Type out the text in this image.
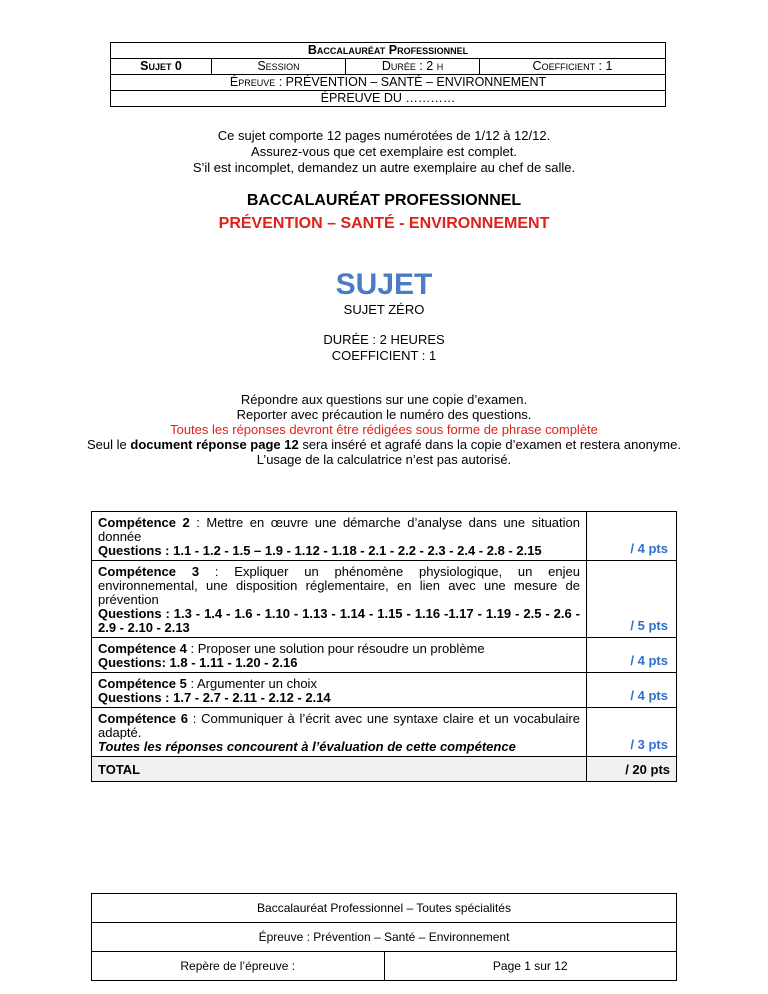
Baccalauréat Professionnel
Sujet 0	Session	Durée : 2 h	Coefficient : 1
Épreuve : PRÉVENTION – SANTÉ – ENVIRONNEMENT
ÉPREUVE DU …………
Ce sujet comporte 12 pages numérotées de 1/12 à 12/12.
Assurez-vous que cet exemplaire est complet.
S’il est incomplet, demandez un autre exemplaire au chef de salle.
BACCALAURÉAT PROFESSIONNEL
PRÉVENTION – SANTÉ - ENVIRONNEMENT
SUJET
SUJET ZÉRO
DURÉE : 2 HEURES
COEFFICIENT : 1
Répondre aux questions sur une copie d’examen.
Reporter avec précaution le numéro des questions.
Toutes les réponses devront être rédigées sous forme de phrase complète
Seul le document réponse page 12 sera inséré et agrafé dans la copie d’examen et restera anonyme.
L’usage de la calculatrice n’est pas autorisé.
Compétence 2 : Mettre en œuvre une démarche d’analyse dans une situation donnée
Questions : 1.1 - 1.2 - 1.5 – 1.9 - 1.12 - 1.18 - 2.1 - 2.2 - 2.3 - 2.4 - 2.8 - 2.15	/ 4 pts
Compétence 3 : Expliquer un phénomène physiologique, un enjeu environnemental, une disposition réglementaire, en lien avec une mesure de prévention
Questions : 1.3 - 1.4 - 1.6 - 1.10 - 1.13 - 1.14 - 1.15 - 1.16 -1.17 - 1.19 - 2.5 - 2.6 - 2.9 - 2.10 - 2.13	/ 5 pts
Compétence 4 : Proposer une solution pour résoudre un problème
Questions: 1.8 - 1.11 - 1.20 - 2.16	/ 4 pts
Compétence 5 : Argumenter un choix
Questions : 1.7 - 2.7 - 2.11 - 2.12 - 2.14	/ 4 pts
Compétence 6 : Communiquer à l’écrit avec une syntaxe claire et un vocabulaire adapté.
Toutes les réponses concourent à l’évaluation de cette compétence	/ 3 pts
TOTAL	/ 20 pts
Baccalauréat Professionnel – Toutes spécialités
Épreuve : Prévention – Santé – Environnement
Repère de l’épreuve :	Page 1 sur 12
